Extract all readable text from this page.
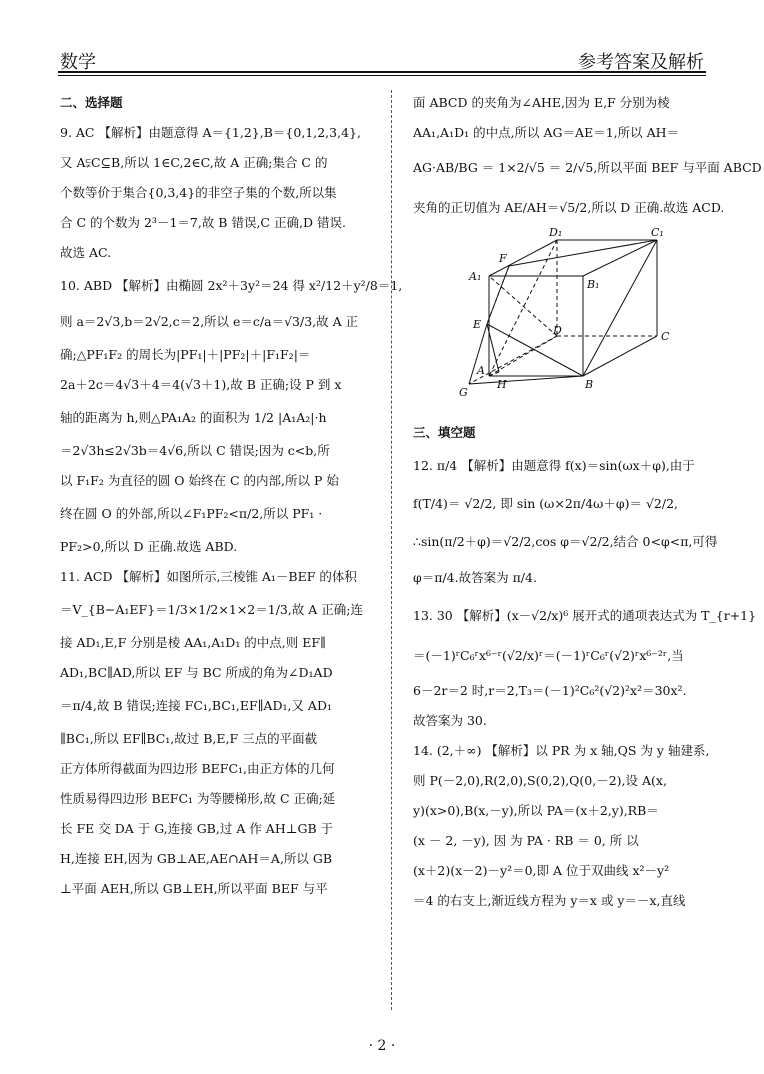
数学	参考答案及解析
二、选择题
9. AC 【解析】由题意得 A＝{1,2},B＝{0,1,2,3,4},
又 A⫋C⊆B,所以 1∈C,2∈C,故 A 正确;集合 C 的
个数等价于集合{0,3,4}的非空子集的个数,所以集
合 C 的个数为 2³－1＝7,故 B 错误,C 正确,D 错误.
故选 AC.
10. ABD 【解析】由椭圆 2x²＋3y²＝24 得 x²/12＋y²/8＝1,
则 a＝2√3,b＝2√2,c＝2,所以 e＝c/a＝√3/3,故 A 正
确;△PF₁F₂ 的周长为|PF₁|＋|PF₂|＋|F₁F₂|＝
2a＋2c＝4√3＋4＝4(√3＋1),故 B 正确;设 P 到 x
轴的距离为 h,则△PA₁A₂ 的面积为 1/2 |A₁A₂|·h
＝2√3h≤2√3b＝4√6,所以 C 错误;因为 c<b,所
以 F₁F₂ 为直径的圆 O 始终在 C 的内部,所以 P 始
终在圆 O 的外部,所以∠F₁PF₂<π/2,所以 PF₁ ·
PF₂>0,所以 D 正确.故选 ABD.
11. ACD 【解析】如图所示,三棱锥 A₁－BEF 的体积
＝V_{B−A₁EF}＝1/3×1/2×1×2＝1/3,故 A 正确;连
接 AD₁,E,F 分别是棱 AA₁,A₁D₁ 的中点,则 EF∥
AD₁,BC∥AD,所以 EF 与 BC 所成的角为∠D₁AD
＝π/4,故 B 错误;连接 FC₁,BC₁,EF∥AD₁,又 AD₁
∥BC₁,所以 EF∥BC₁,故过 B,E,F 三点的平面截
正方体所得截面为四边形 BEFC₁,由正方体的几何
性质易得四边形 BEFC₁ 为等腰梯形,故 C 正确;延
长 FE 交 DA 于 G,连接 GB,过 A 作 AH⊥GB 于
H,连接 EH,因为 GB⊥AE,AE∩AH＝A,所以 GB
⊥平面 AEH,所以 GB⊥EH,所以平面 BEF 与平
面 ABCD 的夹角为∠AHE,因为 E,F 分别为棱
AA₁,A₁D₁ 的中点,所以 AG＝AE＝1,所以 AH＝
AG·AB/BG ＝ 1×2/√5 ＝ 2/√5,所以平面 BEF 与平面 ABCD
夹角的正切值为 AE/AH＝√5/2,所以 D 正确.故选 ACD.
D₁	C₁
F
A₁
B₁
E	D	C
A
B
G
H
三、填空题
12. π/4 【解析】由题意得 f(x)＝sin(ωx＋φ),由于
f(T/4)＝ √2/2, 即 sin (ω×2π/4ω＋φ)＝ √2/2,
∴sin(π/2＋φ)＝√2/2,cos φ＝√2/2,结合 0<φ<π,可得
φ＝π/4.故答案为 π/4.
13. 30 【解析】(x－√2/x)⁶ 展开式的通项表达式为 T_{r+1}
＝(－1)ʳC₆ʳx⁶⁻ʳ(√2/x)ʳ＝(－1)ʳC₆ʳ(√2)ʳx⁶⁻²ʳ,当
6－2r＝2 时,r＝2,T₃＝(－1)²C₆²(√2)²x²＝30x².
故答案为 30.
14. (2,＋∞) 【解析】以 PR 为 x 轴,QS 为 y 轴建系,
则 P(－2,0),R(2,0),S(0,2),Q(0,－2),设 A(x,
y)(x>0),B(x,－y),所以 PA＝(x＋2,y),RB＝
(x － 2, －y), 因 为 PA · RB ＝ 0, 所 以
(x＋2)(x－2)－y²＝0,即 A 位于双曲线 x²－y²
＝4 的右支上,渐近线方程为 y＝x 或 y＝－x,直线
· 2 ·
